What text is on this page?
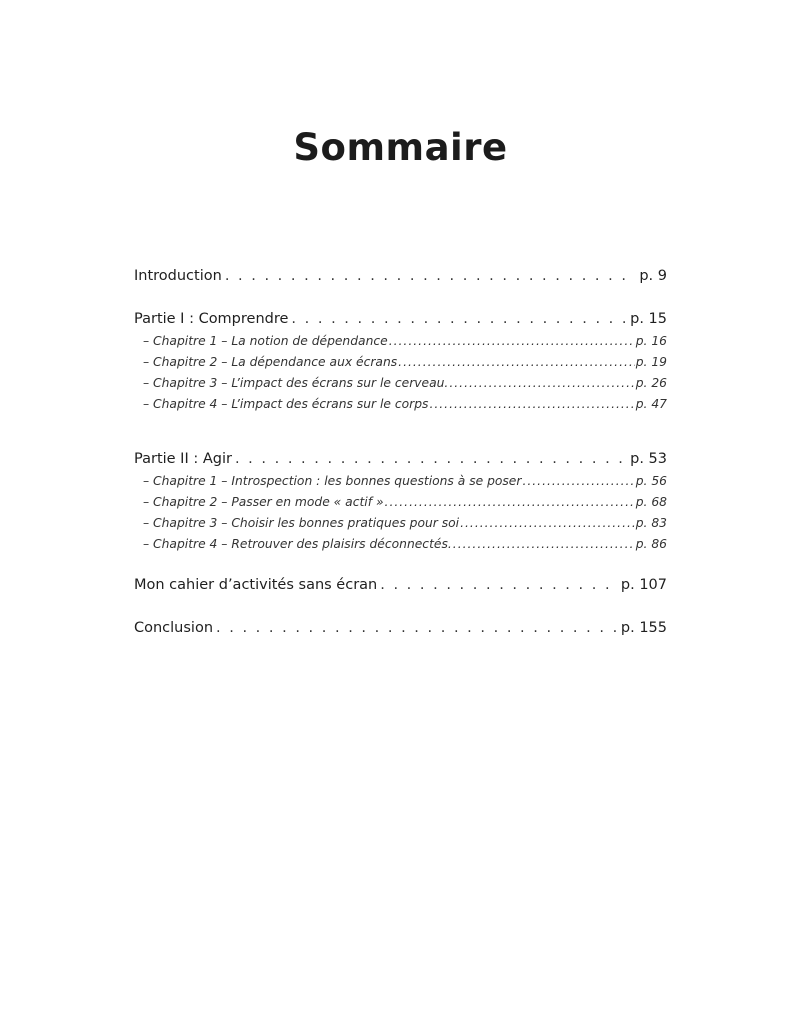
Sommaire
Introduction . . .	p. 9
Partie I : Comprendre . . .	p. 15
– Chapitre 1 – La notion de dépendance .....	p. 16
– Chapitre 2 – La dépendance aux écrans .....	p. 19
– Chapitre 3 – L’impact des écrans sur le cerveau. .....	p. 26
– Chapitre 4 – L’impact des écrans sur le corps .....	p. 47
Partie II : Agir . . .	p. 53
– Chapitre 1 – Introspection : les bonnes questions à se poser .....	p. 56
– Chapitre 2 – Passer en mode « actif » .....	p. 68
– Chapitre 3 – Choisir les bonnes pratiques pour soi .....	p. 83
– Chapitre 4 – Retrouver des plaisirs déconnectés. .....	p. 86
Mon cahier d’activités sans écran . . .	p. 107
Conclusion . . .	p. 155
